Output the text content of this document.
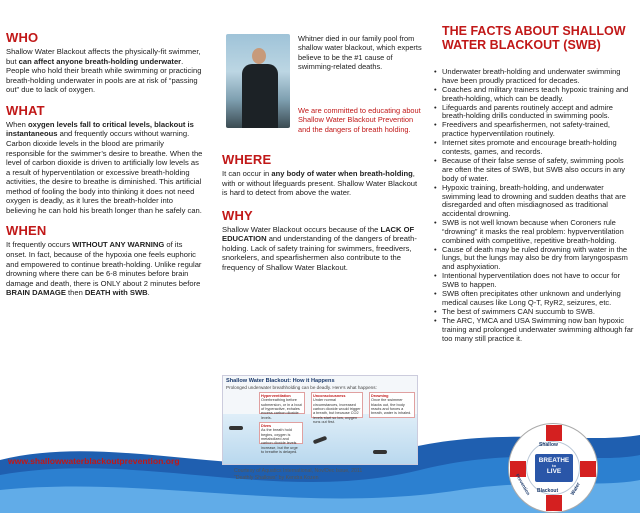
WHO

Shallow Water Blackout affects the physically-fit swimmer, but can affect anyone breath-holding underwater. People who hold their breath while swimming or practicing breath-holding underwater in pools are at risk of “passing out” due to lack of oxygen.

WHAT

When oxygen levels fall to critical levels, blackout is instantaneous and frequently occurs without warning. Carbon dioxide levels in the blood are primarily responsible for the swimmer’s desire to breathe. When the level of carbon dioxide is driven to artificially low levels as a result of hyperventilation or excessive breath-holding activities, the desire to breathe is diminished. This artificial method of fooling the body into thinking it does not need oxygen is deadly, as it lures the breath-holder into believing he can hold his breath longer than he safely can.

WHEN

It frequently occurs WITHOUT ANY WARNING of its onset. In fact, because of the hypoxia one feels euphoric and empowered to continue breath-holding. Unlike regular drowning where there can be 6-8 minutes before brain damage and death, there is ONLY about 2 minutes before BRAIN DAMAGE then DEATH with SWB.

www.shallowwaterblackoutprevention.org

Whitner died in our family pool from shallow water blackout, which experts believe to be the #1 cause of swimming-related deaths.

We are committed to educating about Shallow Water Blackout Prevention and the dangers of breath holding.

WHERE

It can occur in any body of water when breath-holding, with or without lifeguards present. Shallow Water Blackout is hard to detect from above the water.

WHY

Shallow Water Blackout occurs because of the LACK OF EDUCATION and understanding of the dangers of breath-holding. Lack of safety training for swimmers, freedivers, snorkelers, and spearfishermen also contribute to the frequency of Shallow Water Blackout.

Shallow Water Blackout: How it Happens
Prolonged underwater breathholding can be deadly. Here’s what happens:
Hyperventilation
Overbreathing before submersion, or in a bout of hyperactive, exhales excess carbon dioxide levels.
Dives
As the breath hold begins, oxygen is metabolized and carbon dioxide levels increase, but the urge to breathe is delayed.
Unconsciousness
Under normal circumstances, increased carbon dioxide would trigger a breath, but because CO2 levels start so low, oxygen runs out first.
Drowning
Once the swimmer blacks out, the body reacts and forces a breath, water is inhaled.
Courtesy of Aquatics International, Nov/Dec Issue, 2011
“Deathly Shallows” by Kendra Kozen
THE FACTS ABOUT SHALLOW WATER BLACKOUT (SWB)
• Underwater breath-holding and underwater swimming have been proudly practiced for decades.
• Coaches and military trainers teach hypoxic training and breath-holding, which can be deadly.
• Lifeguards and parents routinely accept and admire breath-holding drills conducted in swimming pools.
• Freedivers and spearfishermen, not safety-trained, practice hyperventilation routinely.
• Internet sites promote and encourage breath-holding contests, games, and records.
• Because of their false sense of safety, swimming pools are often the sites of SWB, but SWB also occurs in any body of water.
• Hypoxic training, breath-holding, and underwater swimming lead to drowning and sudden deaths that are disregarded and often misdiagnosed as traditional accidental drowning.
• SWB is not well known because when Coroners rule “drowning” it masks the real problem: hypverventilation combined with competitive, repetitive breath-holding.
• Cause of death may be ruled drowning with water in the lungs, but the lungs may also be dry from laryngospasm and asphyxiation.
• Intentional hyperventilation does not have to occur for SWB to happen.
• SWB often precipitates other unknown and underlying medical causes like Long Q-T, RyR2, seizures, etc.
• The best of swimmers CAN succumb to SWB.
• The ARC, YMCA and USA Swimming now ban hypoxic training and prolonged underwater swimming although far too many still practice it.
Shallow
Water
Blackout
Prevention
BREATHE
to
LIVE
